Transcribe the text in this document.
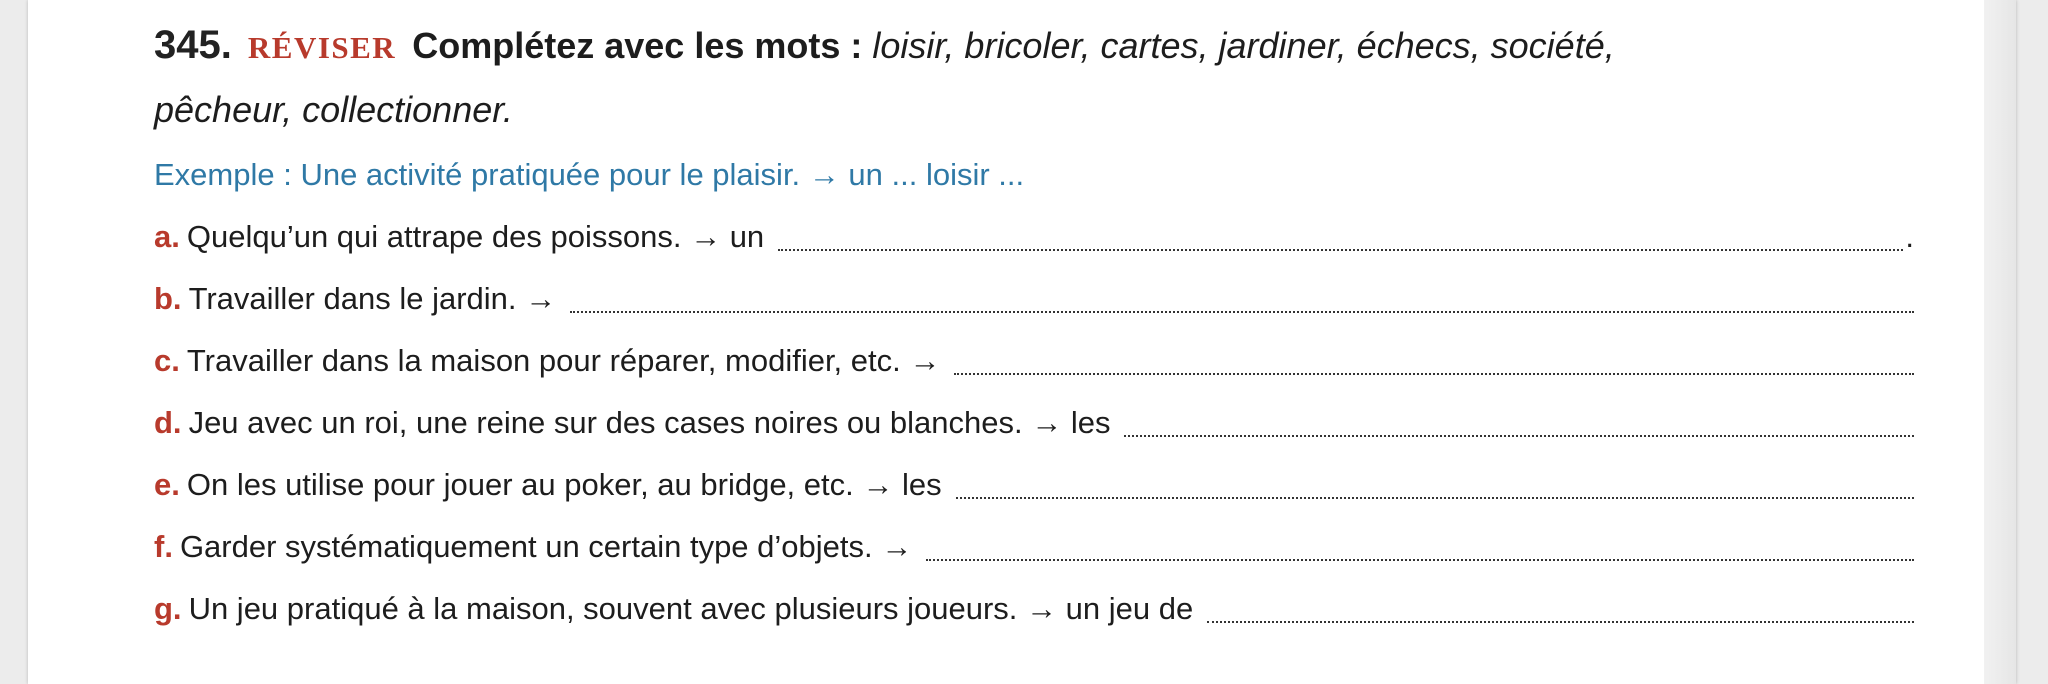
345. RÉVISER Complétez avec les mots : loisir, bricoler, cartes, jardiner, échecs, société,
pêcheur, collectionner.

Exemple : Une activité pratiquée pour le plaisir. → un ... loisir ...
a. Quelqu’un qui attrape des poissons. → un	.
b. Travailler dans le jardin. →
c. Travailler dans la maison pour réparer, modifier, etc. →
d. Jeu avec un roi, une reine sur des cases noires ou blanches. → les
e. On les utilise pour jouer au poker, au bridge, etc. → les
f. Garder systématiquement un certain type d’objets. →
g. Un jeu pratiqué à la maison, souvent avec plusieurs joueurs. → un jeu de
